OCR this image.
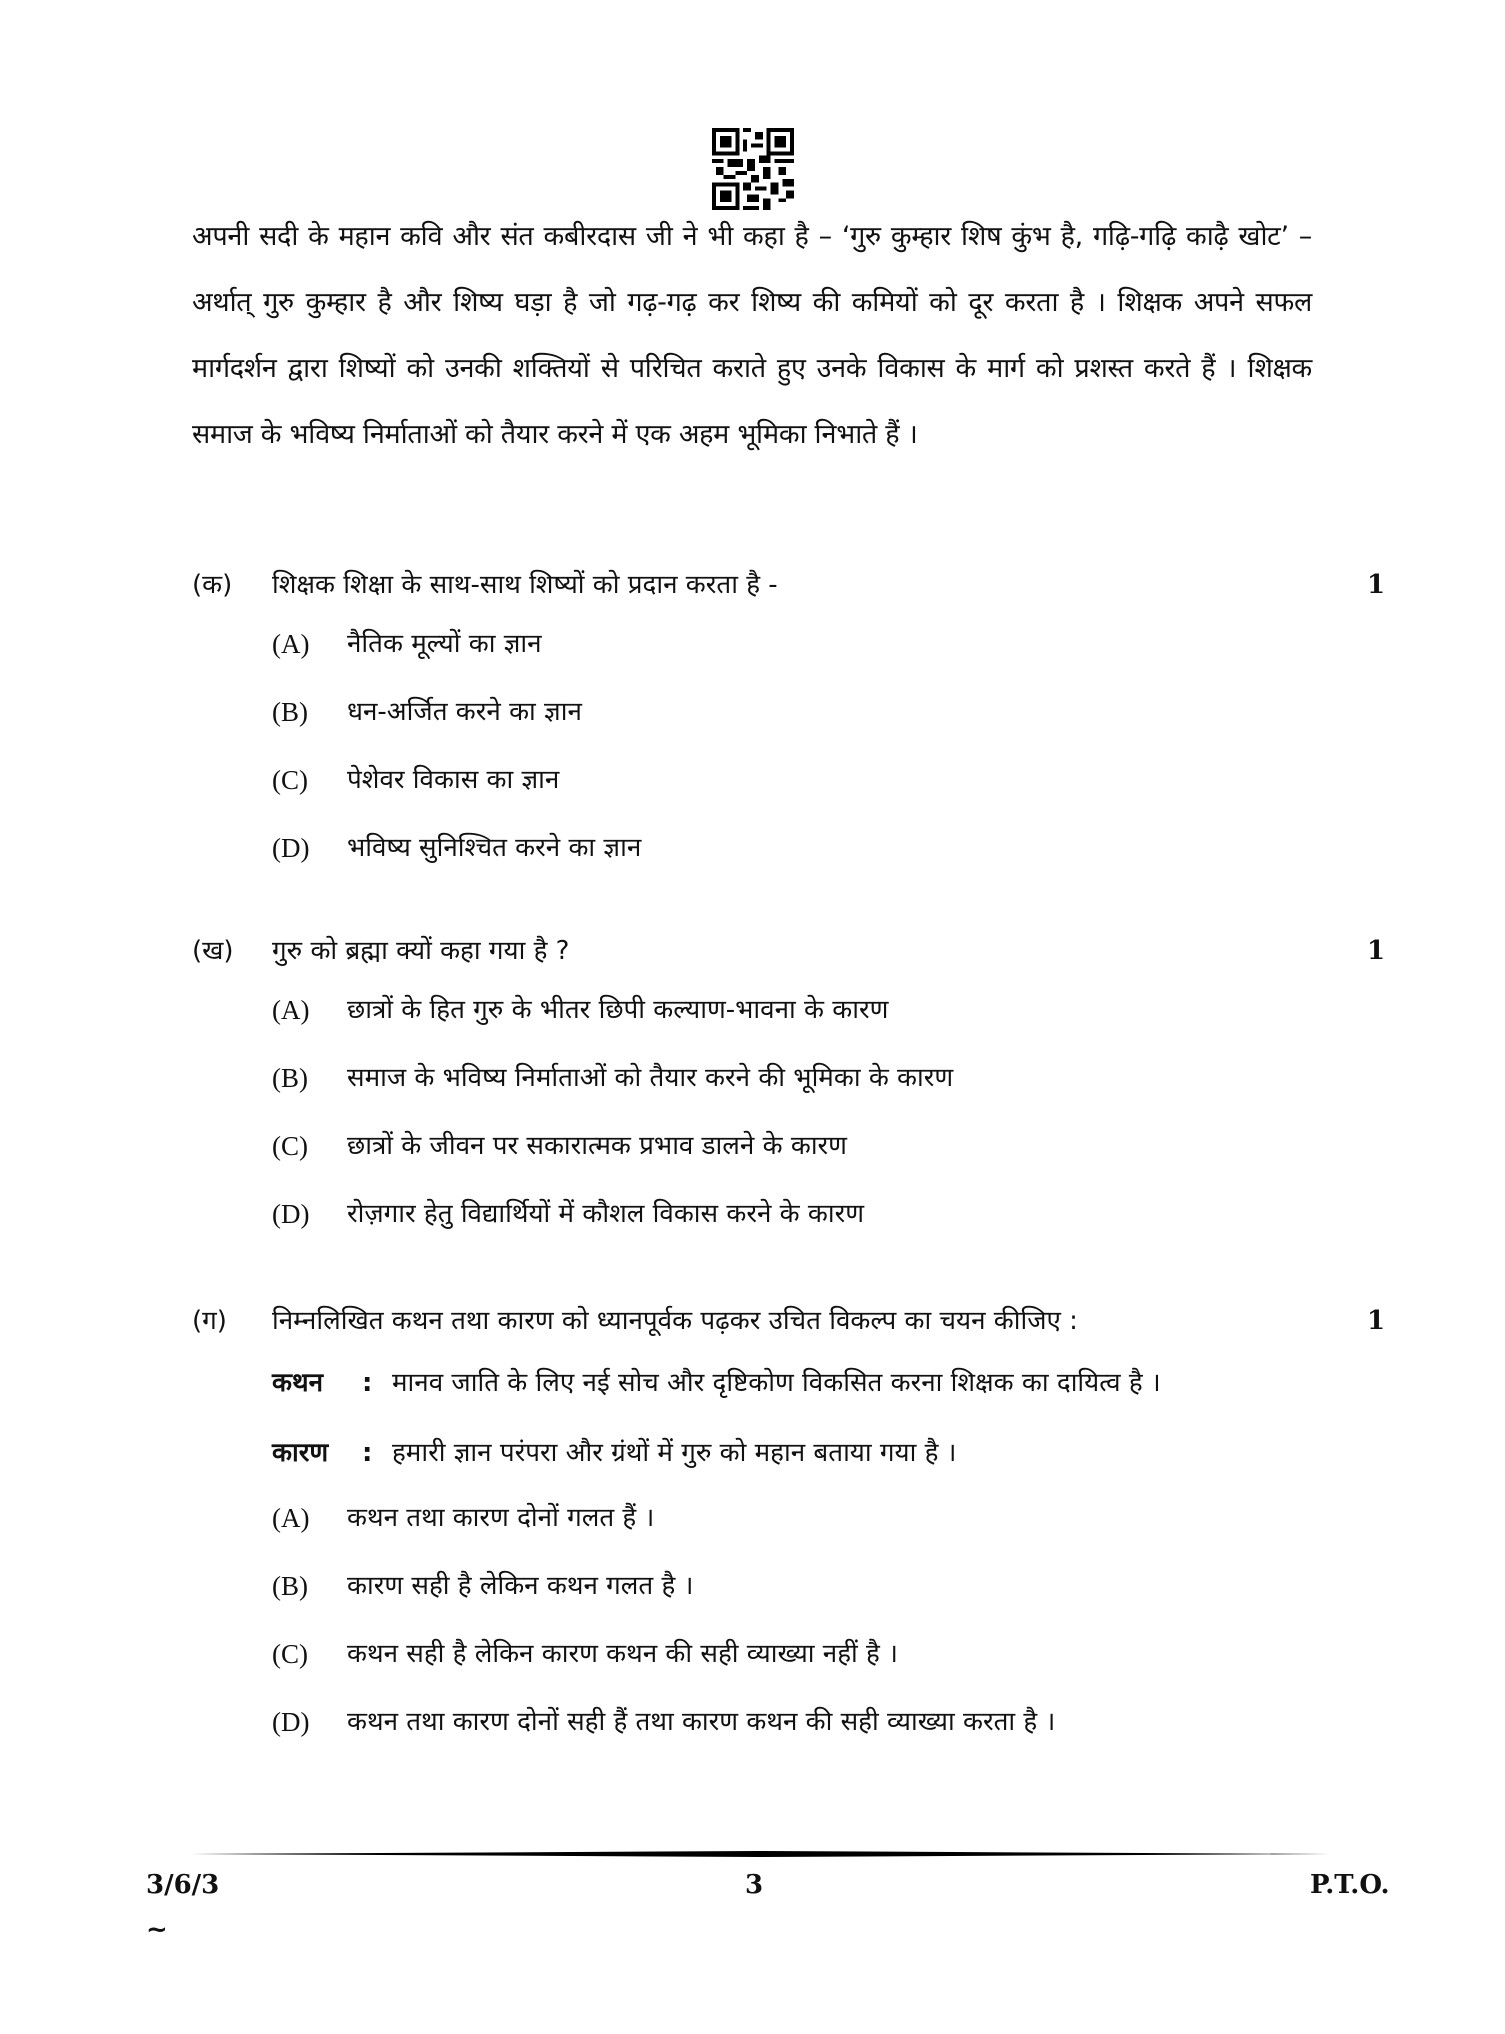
अपनी सदी के महान कवि और संत कबीरदास जी ने भी कहा है – ‘गुरु कुम्हार शिष कुंभ है, गढ़ि-गढ़ि काढ़ै खोट’ – अर्थात् गुरु कुम्हार है और शिष्य घड़ा है जो गढ़-गढ़ कर शिष्य की कमियों को दूर करता है । शिक्षक अपने सफल मार्गदर्शन द्वारा शिष्यों को उनकी शक्तियों से परिचित कराते हुए उनके विकास के मार्ग को प्रशस्त करते हैं । शिक्षक समाज के भविष्य निर्माताओं को तैयार करने में एक अहम भूमिका निभाते हैं ।
(क) शिक्षक शिक्षा के साथ-साथ शिष्यों को प्रदान करता है -	1
(A) नैतिक मूल्यों का ज्ञान
(B) धन-अर्जित करने का ज्ञान
(C) पेशेवर विकास का ज्ञान
(D) भविष्य सुनिश्चित करने का ज्ञान
(ख) गुरु को ब्रह्मा क्यों कहा गया है ?	1
(A) छात्रों के हित गुरु के भीतर छिपी कल्याण-भावना के कारण
(B) समाज के भविष्य निर्माताओं को तैयार करने की भूमिका के कारण
(C) छात्रों के जीवन पर सकारात्मक प्रभाव डालने के कारण
(D) रोज़गार हेतु विद्यार्थियों में कौशल विकास करने के कारण
(ग) निम्नलिखित कथन तथा कारण को ध्यानपूर्वक पढ़कर उचित विकल्प का चयन कीजिए :	1
कथन : मानव जाति के लिए नई सोच और दृष्टिकोण विकसित करना शिक्षक का दायित्व है ।
कारण : हमारी ज्ञान परंपरा और ग्रंथों में गुरु को महान बताया गया है ।
(A) कथन तथा कारण दोनों गलत हैं ।
(B) कारण सही है लेकिन कथन गलत है ।
(C) कथन सही है लेकिन कारण कथन की सही व्याख्या नहीं है ।
(D) कथन तथा कारण दोनों सही हैं तथा कारण कथन की सही व्याख्या करता है ।
3/6/3	3	P.T.O.
~
